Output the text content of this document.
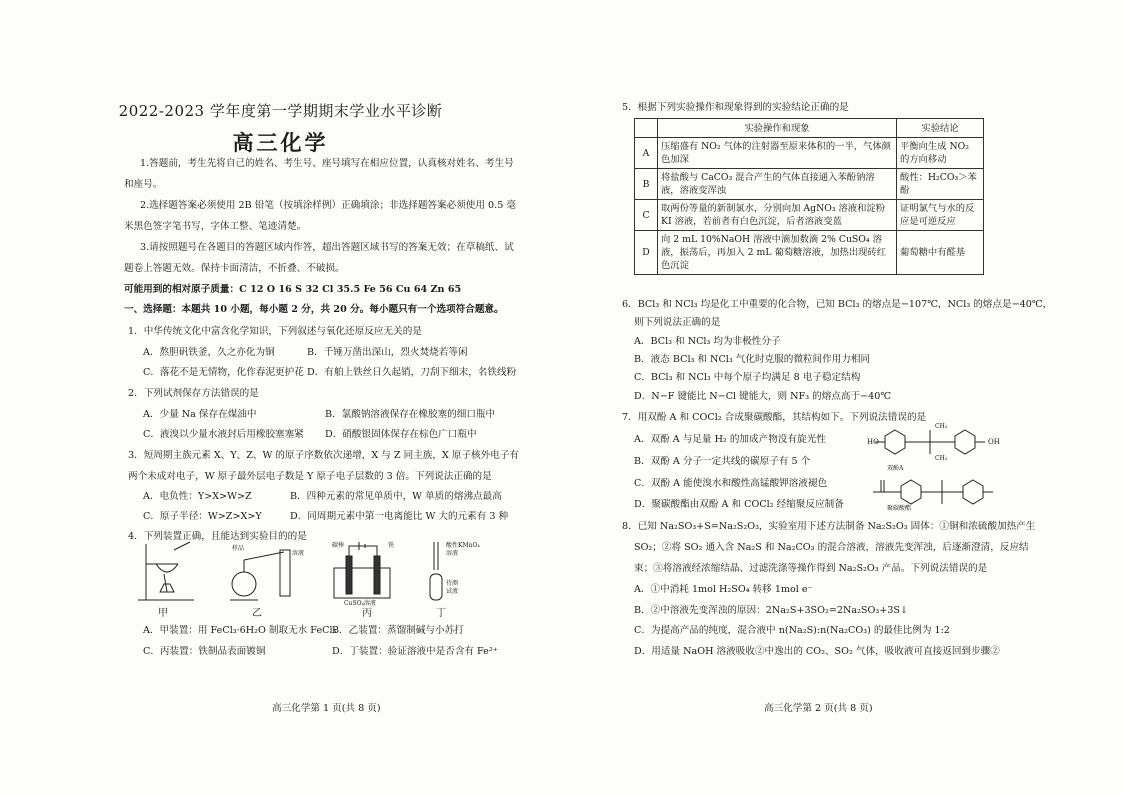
2022-2023 学年度第一学期期末学业水平诊断
高三化学
1.答题前，考生先将自己的姓名、考生号、座号填写在相应位置，认真核对姓名、考生号
和座号。
2.选择题答案必须使用 2B 铅笔（按填涂样例）正确填涂；非选择题答案必须使用 0.5 毫
米黑色签字笔书写，字体工整、笔迹清楚。
3.请按照题号在各题目的答题区域内作答，超出答题区域书写的答案无效；在草稿纸、试
题卷上答题无效。保持卡面清洁，不折叠、不破损。
可能用到的相对原子质量：C 12 O 16 S 32 Cl 35.5 Fe 56 Cu 64 Zn 65
一、选择题：本题共 10 小题，每小题 2 分，共 20 分。每小题只有一个选项符合题意。
1．中华传统文化中富含化学知识，下列叙述与氧化还原反应无关的是
A．熬胆矾铁釜，久之亦化为铜	B．千锤万凿出深山，烈火焚烧若等闲
C．落花不是无情物，化作春泥更护花 D．有舶上铁丝日久起销，刀刮下细末，名铁线粉
2．下列试剂保存方法错误的是
A．少量 Na 保存在煤油中	B．氯酸钠溶液保存在橡胶塞的细口瓶中
C．液溴以少量水液封后用橡胶塞塞紧 D．硝酸银固体保存在棕色广口瓶中
3．短周期主族元素 X、Y、Z、W 的原子序数依次递增，X 与 Z 同主族，X 原子核外电子有
两个未成对电子，W 原子最外层电子数是 Y 原子电子层数的 3 倍。下列说法正确的是
A．电负性：Y>X>W>Z	B．四种元素的常见单质中，W 单质的熔沸点最高
C．原子半径：W>Z>X>Y	D．同周期元素中第一电离能比 W 大的元素有 3 种
4．下列装置正确，且能达到实验目的的是
样品
溶液
碳棒	铁
CuSO₄溶液
酸性KMnO₄
溶液
待测
试液
甲	乙	丙	丁
A．甲装置：用 FeCl₃·6H₂O 制取无水 FeCl₃
B．乙装置：蒸馏制碱与小苏打
C．丙装置：铁制品表面镀铜	D．丁装置：验证溶液中是否含有 Fe²⁺
高三化学第 1 页(共 8 页)
5．根据下列实验操作和现象得到的实验结论正确的是
	实验操作和现象	实验结论
A	压缩盛有 NO₂ 气体的注射器至原来体积的一半，气体颜色加深	平衡向生成 NO₂ 的方向移动
B	将盐酸与 CaCO₃ 混合产生的气体直接通入苯酚钠溶液，溶液变浑浊	酸性：H₂CO₃＞苯酚
C	取两份等量的新制氯水，分别向加 AgNO₃ 溶液和淀粉 KI 溶液，若前者有白色沉淀，后者溶液变蓝	证明氯气与水的反应是可逆反应
D	向 2 mL 10%NaOH 溶液中滴加数滴 2% CuSO₄ 溶液，振荡后，再加入 2 mL 葡萄糖溶液，加热出现砖红色沉淀	葡萄糖中有醛基
6．BCl₃ 和 NCl₃ 均是化工中重要的化合物，已知 BCl₃ 的熔点是−107℃，NCl₃ 的熔点是−40℃，
则下列说法正确的是
A．BCl₃ 和 NCl₃ 均为非极性分子
B．液态 BCl₃ 和 NCl₃ 气化时克服的微粒间作用力相同
C．BCl₃ 和 NCl₃ 中每个原子均满足 8 电子稳定结构
D．N−F 键能比 N−Cl 键能大，则 NF₃ 的熔点高于−40℃
7．用双酚 A 和 COCl₂ 合成聚碳酸酯，其结构如下。下列说法错误的是
A．双酚 A 与足量 H₂ 的加成产物没有旋光性
B．双酚 A 分子一定共线的碳原子有 5 个
C．双酚 A 能使溴水和酸性高锰酸钾溶液褪色
D．聚碳酸酯由双酚 A 和 COCl₂ 经缩聚反应制备
HO	OH
CH₃
CH₃
双酚A
聚碳酸酯
8．已知 Na₂SO₃+S=Na₂S₂O₃，实验室用下述方法制备 Na₂S₂O₃ 固体：①铜和浓硫酸加热产生
SO₂；②将 SO₂ 通入含 Na₂S 和 Na₂CO₃ 的混合溶液，溶液先变浑浊，后逐渐澄清，反应结
束；③将溶液经浓缩结晶、过滤洗涤等操作得到 Na₂S₂O₃ 产品。下列说法错误的是
A．①中消耗 1mol H₂SO₄ 转移 1mol e⁻
B．②中溶液先变浑浊的原因：2Na₂S+3SO₂=2Na₂SO₃+3S↓
C．为提高产品的纯度，混合液中 n(Na₂S):n(Na₂CO₃) 的最佳比例为 1:2
D．用适量 NaOH 溶液吸收②中逸出的 CO₂、SO₂ 气体，吸收液可直接返回到步骤②
高三化学第 2 页(共 8 页)
